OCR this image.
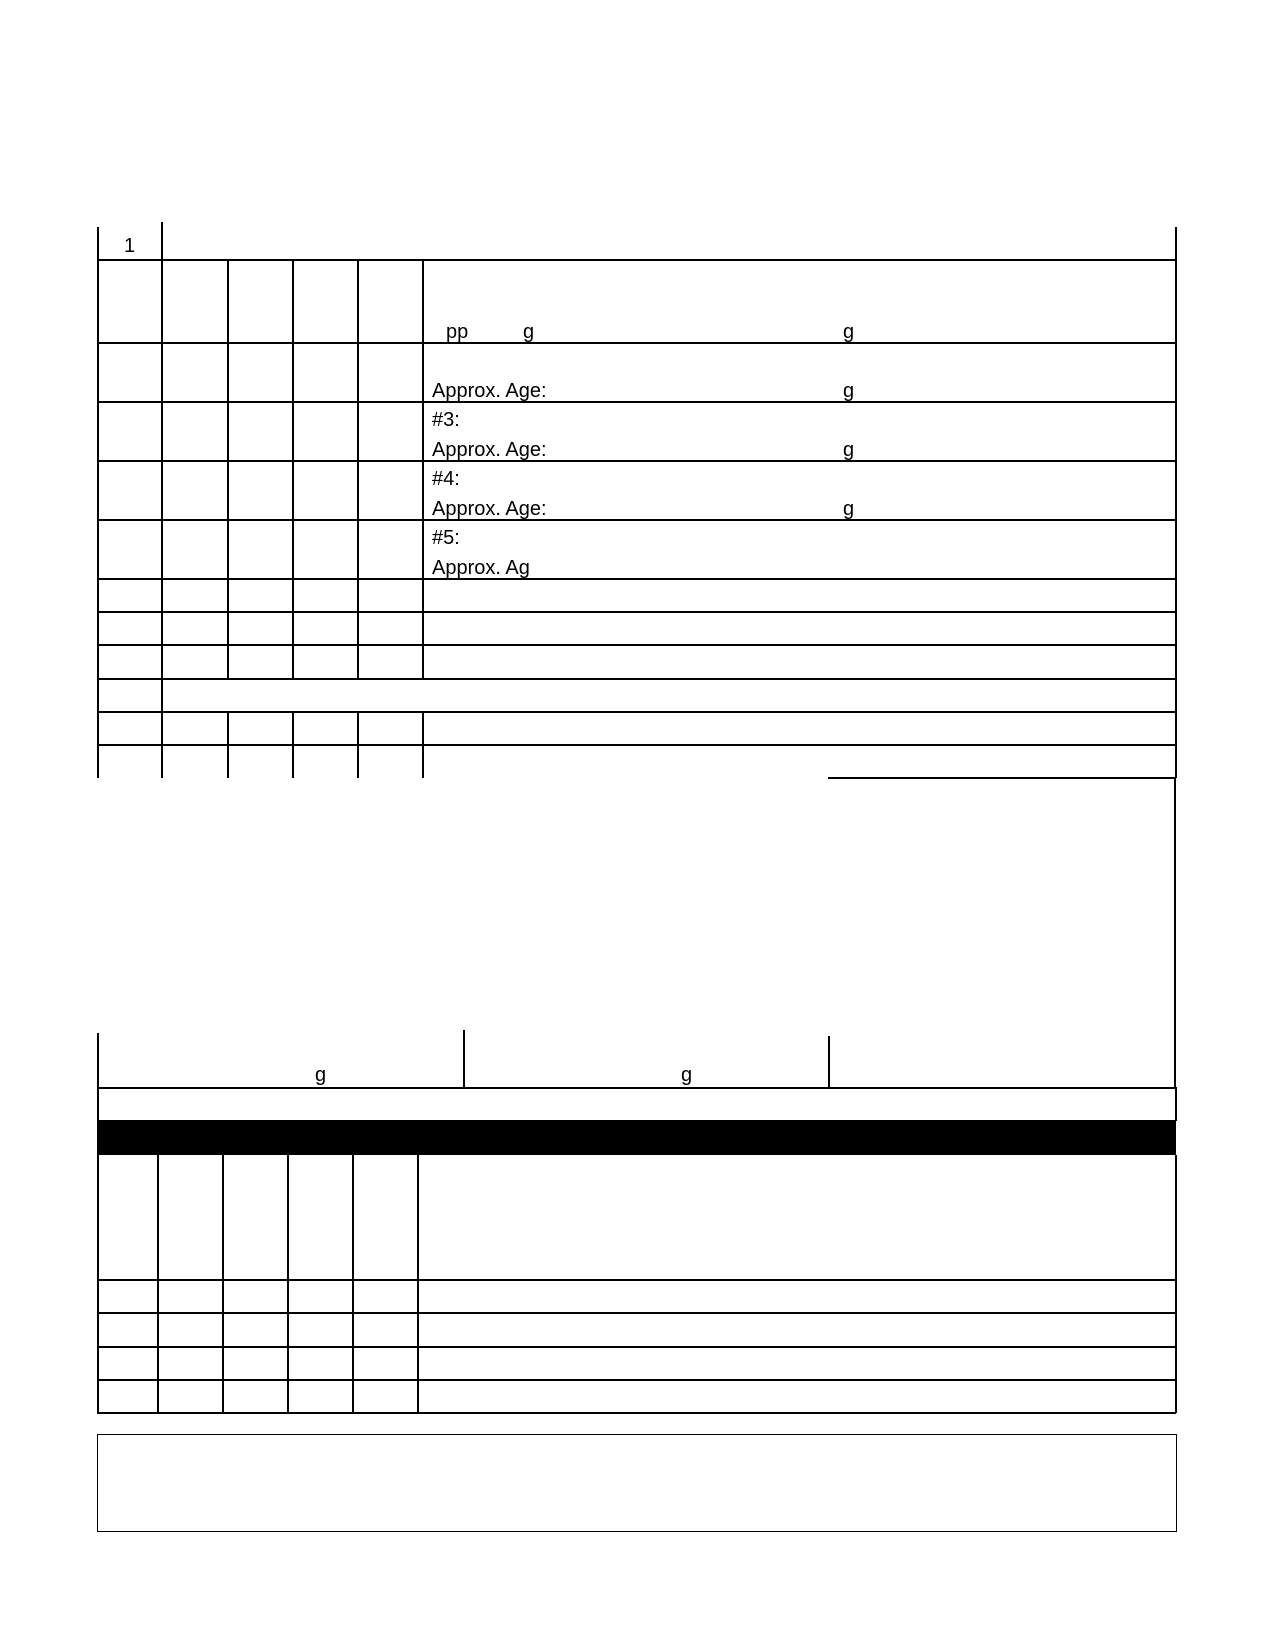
1
pp	g	g
Approx. Age:	g
#3:
Approx. Age:	g
#4:
Approx. Age:	g
#5:
Approx. Ag
g	g
